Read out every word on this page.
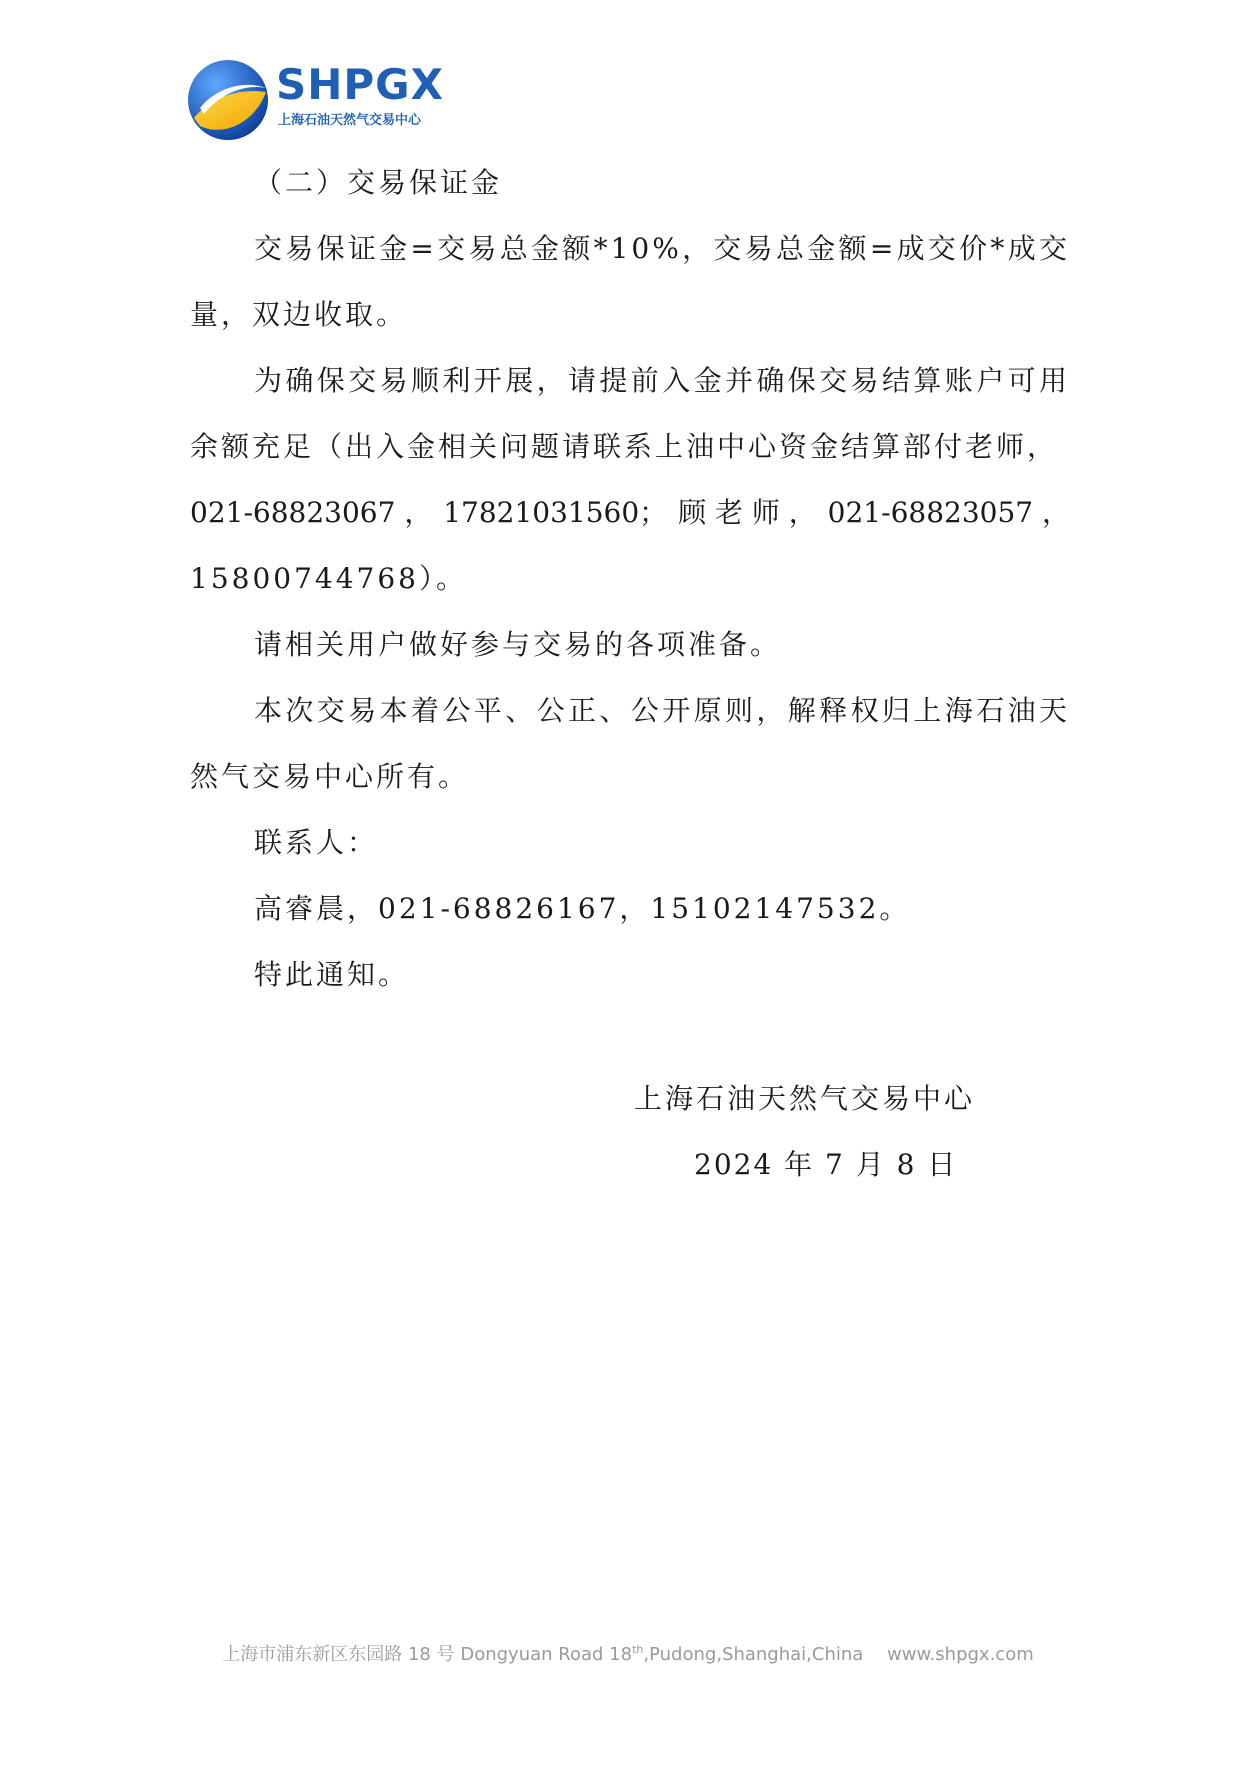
SHPGX
上海石油天然气交易中心

（二）交易保证金

交易保证金=交易总金额*10%，交易总金额=成交价*成交量，双边收取。

为确保交易顺利开展，请提前入金并确保交易结算账户可用余额充足（出入金相关问题请联系上油中心资金结算部付老师，

021-68823067 ， 17821031560； 顾 老 师 ， 021-68823057 ，

15800744768）。

请相关用户做好参与交易的各项准备。

本次交易本着公平、公正、公开原则，解释权归上海石油天然气交易中心所有。

联系人：

高睿晨，021-68826167，15102147532。

特此通知。

上海石油天然气交易中心
2024 年 7 月 8 日
上海市浦东新区东园路 18 号 Dongyuan Road 18th,Pudong,Shanghai,China www.shpgx.com
